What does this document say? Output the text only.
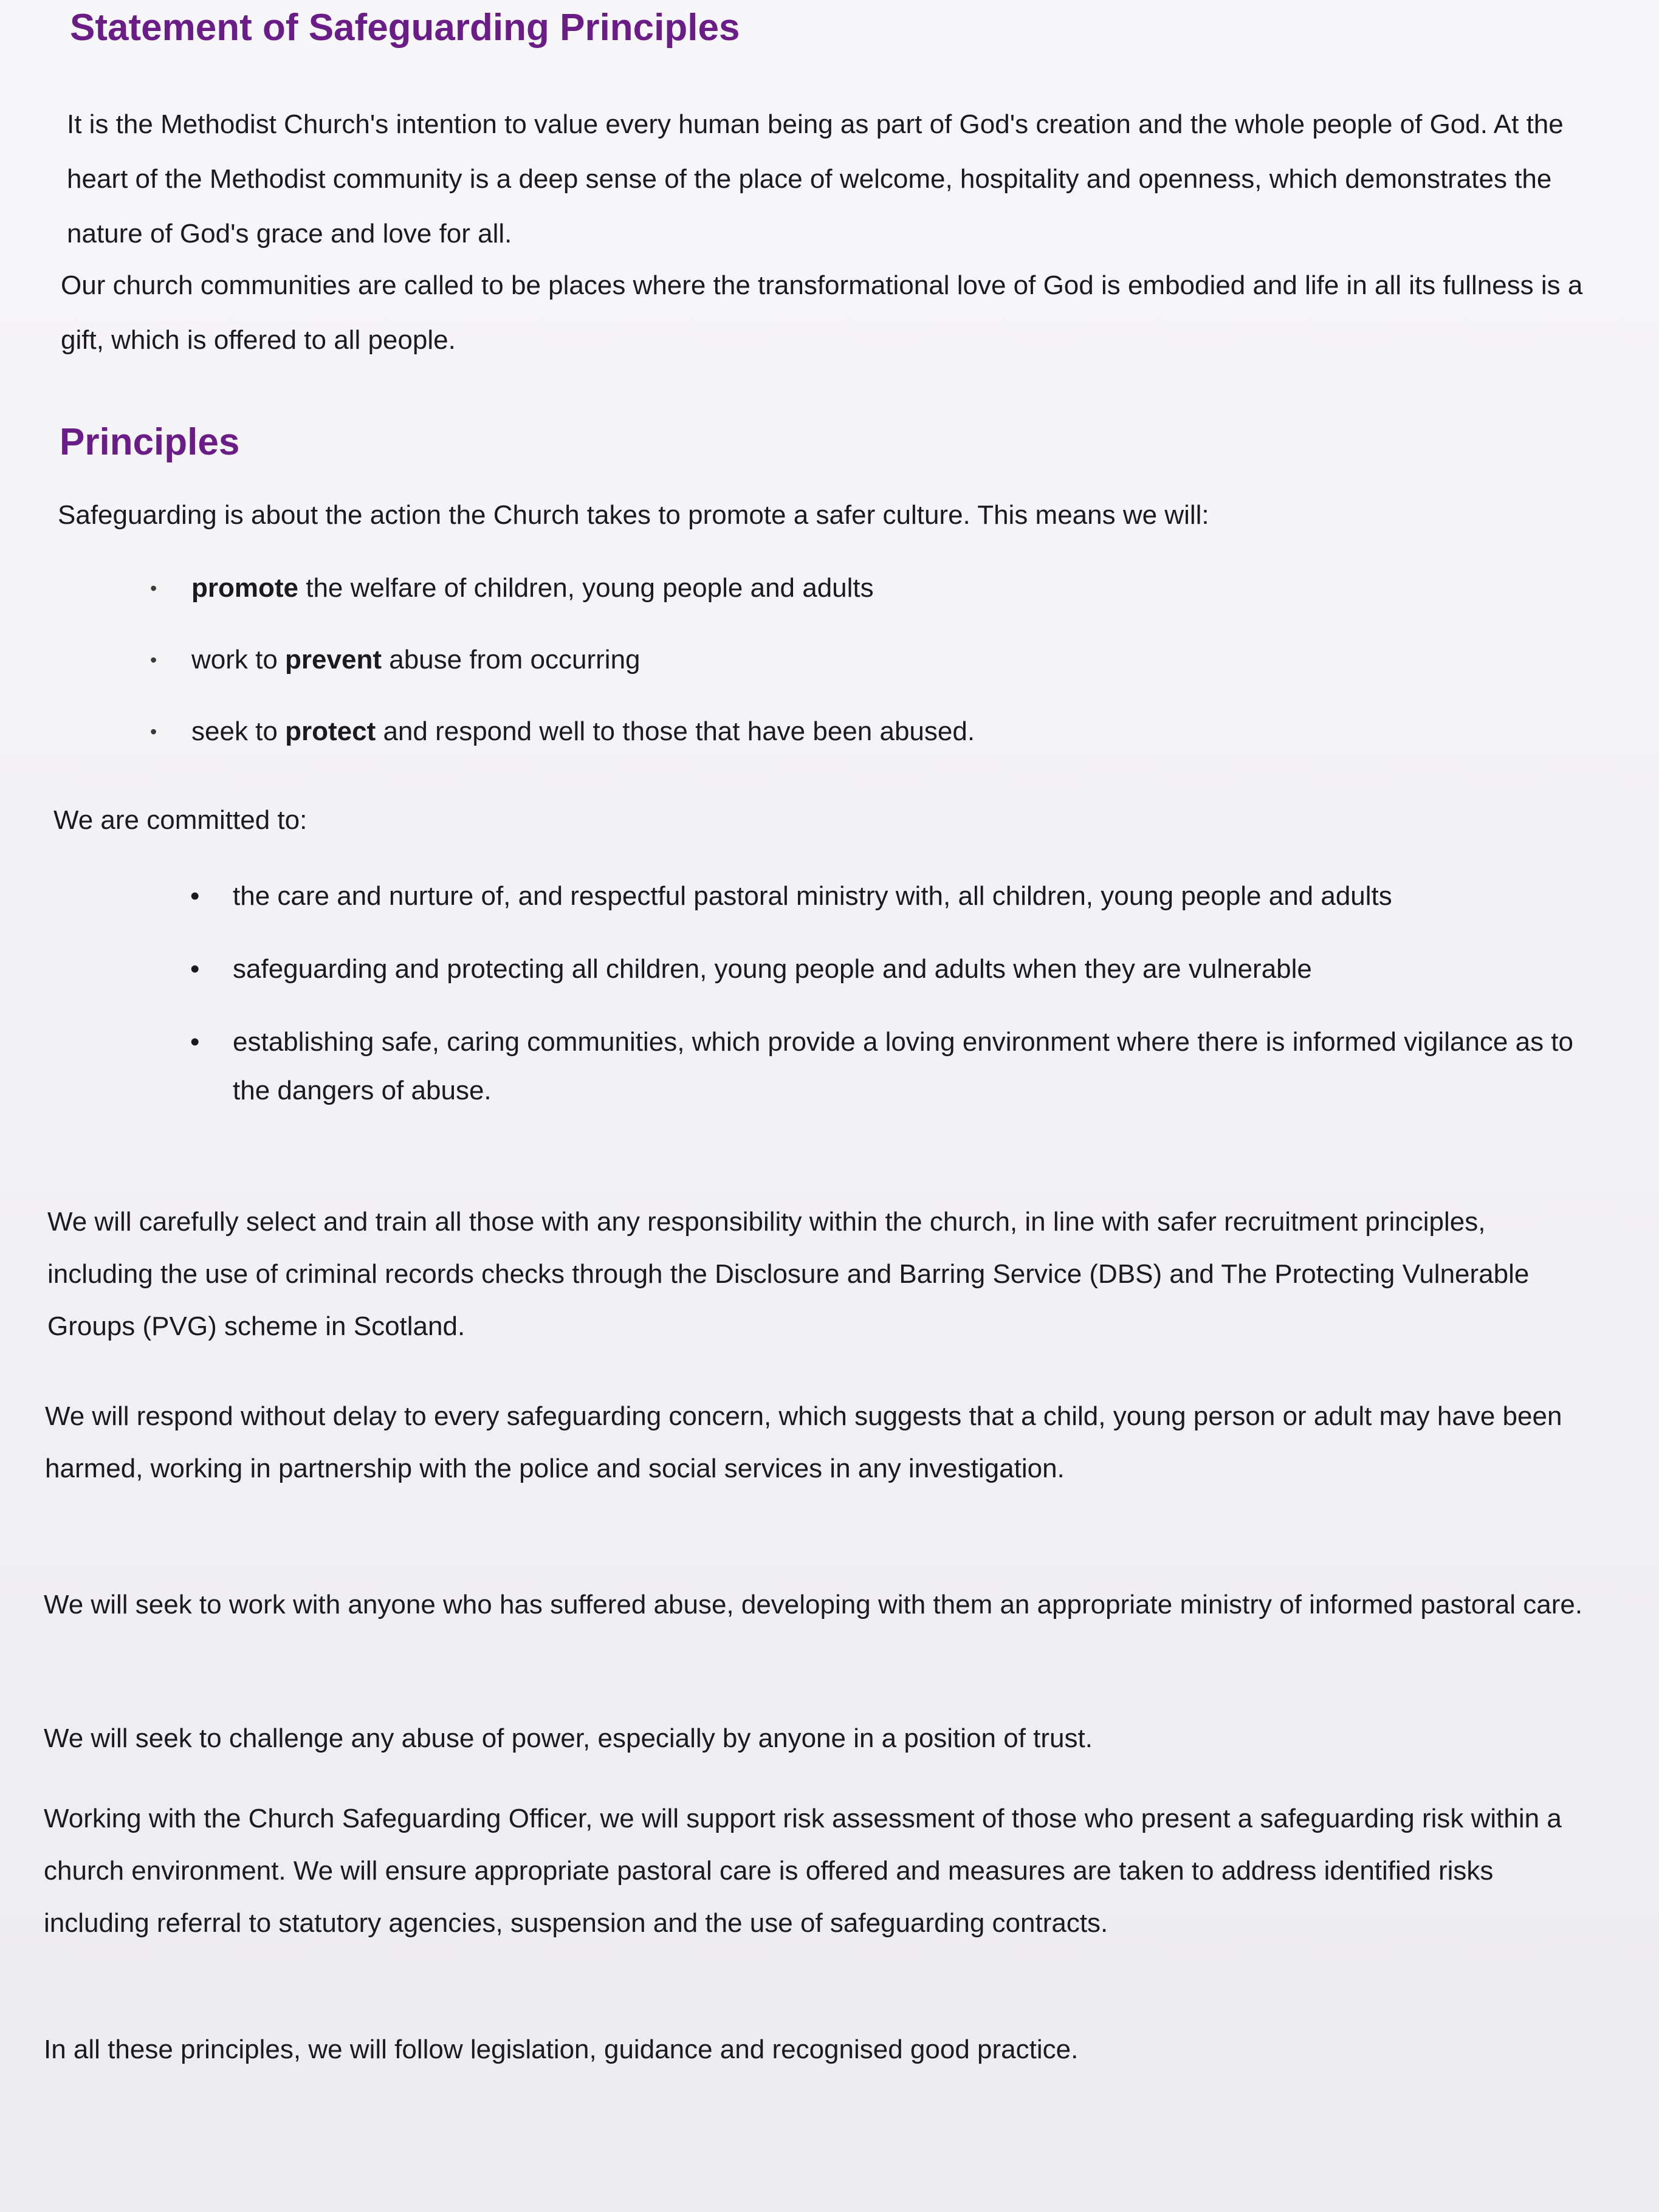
Statement of Safeguarding Principles

It is the Methodist Church's intention to value every human being as part of God's creation and the whole people of God. At the heart of the Methodist community is a deep sense of the place of welcome, hospitality and openness, which demonstrates the nature of God's grace and love for all.

Our church communities are called to be places where the transformational love of God is embodied and life in all its fullness is a gift, which is offered to all people.

Principles

Safeguarding is about the action the Church takes to promote a safer culture. This means we will:

• promote the welfare of children, young people and adults
• work to prevent abuse from occurring
• seek to protect and respond well to those that have been abused.

We are committed to:

• the care and nurture of, and respectful pastoral ministry with, all children, young people and adults
• safeguarding and protecting all children, young people and adults when they are vulnerable
• establishing safe, caring communities, which provide a loving environment where there is informed vigilance as to the dangers of abuse.

We will carefully select and train all those with any responsibility within the church, in line with safer recruitment principles, including the use of criminal records checks through the Disclosure and Barring Service (DBS) and The Protecting Vulnerable Groups (PVG) scheme in Scotland.

We will respond without delay to every safeguarding concern, which suggests that a child, young person or adult may have been harmed, working in partnership with the police and social services in any investigation.

We will seek to work with anyone who has suffered abuse, developing with them an appropriate ministry of informed pastoral care.

We will seek to challenge any abuse of power, especially by anyone in a position of trust.

Working with the Church Safeguarding Officer, we will support risk assessment of those who present a safeguarding risk within a church environment. We will ensure appropriate pastoral care is offered and measures are taken to address identified risks including referral to statutory agencies, suspension and the use of safeguarding contracts.

In all these principles, we will follow legislation, guidance and recognised good practice.
